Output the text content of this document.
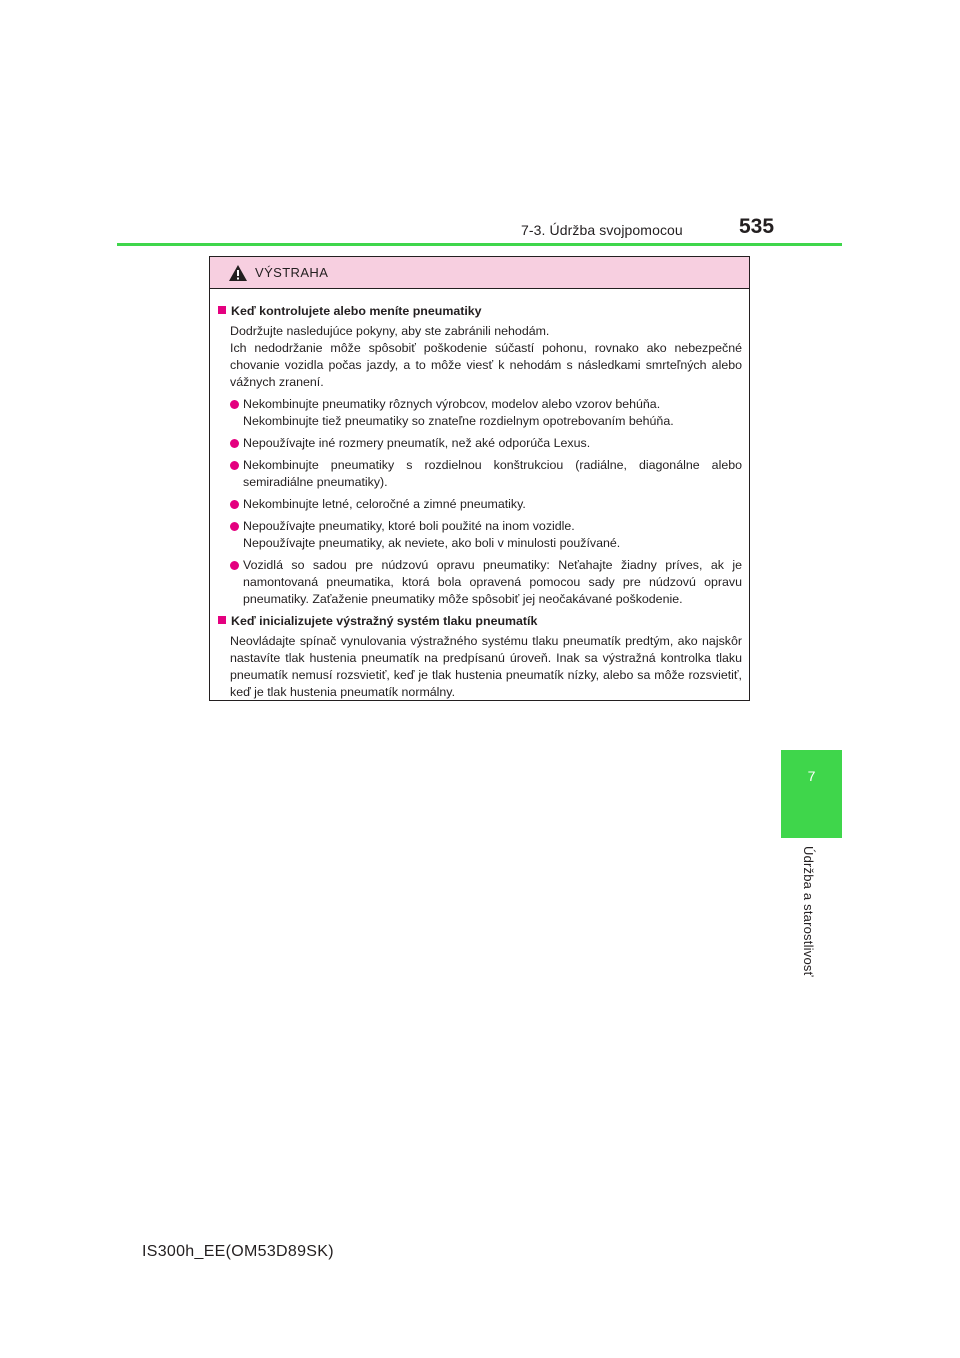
7-3. Údržba svojpomocou	535
7
Údržba a starostlivosť
VÝSTRAHA
Keď kontrolujete alebo meníte pneumatiky

Dodržujte nasledujúce pokyny, aby ste zabránili nehodám.

Ich nedodržanie môže spôsobiť poškodenie súčastí pohonu, rovnako ako nebezpečné chovanie vozidla počas jazdy, a to môže viesť k nehodám s následkami smrteľných alebo vážnych zranení.

Nekombinujte pneumatiky rôznych výrobcov, modelov alebo vzorov behúňa.

Nekombinujte tiež pneumatiky so znateľne rozdielnym opotrebovaním behúňa.

Nepoužívajte iné rozmery pneumatík, než aké odporúča Lexus.

Nekombinujte pneumatiky s rozdielnou konštrukciou (radiálne, diagonálne alebo semiradiálne pneumatiky).

Nekombinujte letné, celoročné a zimné pneumatiky.

Nepoužívajte pneumatiky, ktoré boli použité na inom vozidle.

Nepoužívajte pneumatiky, ak neviete, ako boli v minulosti používané.

Vozidlá so sadou pre núdzovú opravu pneumatiky: Neťahajte žiadny príves, ak je namontovaná pneumatika, ktorá bola opravená pomocou sady pre núdzovú opravu pneumatiky. Zaťaženie pneumatiky môže spôsobiť jej neočakávané poškodenie.

Keď inicializujete výstražný systém tlaku pneumatík

Neovládajte spínač vynulovania výstražného systému tlaku pneumatík predtým, ako najskôr nastavíte tlak hustenia pneumatík na predpísanú úroveň. Inak sa výstražná kontrolka tlaku pneumatík nemusí rozsvietiť, keď je tlak hustenia pneumatík nízky, alebo sa môže rozsvietiť, keď je tlak hustenia pneumatík normálny.

IS300h_EE(OM53D89SK)
